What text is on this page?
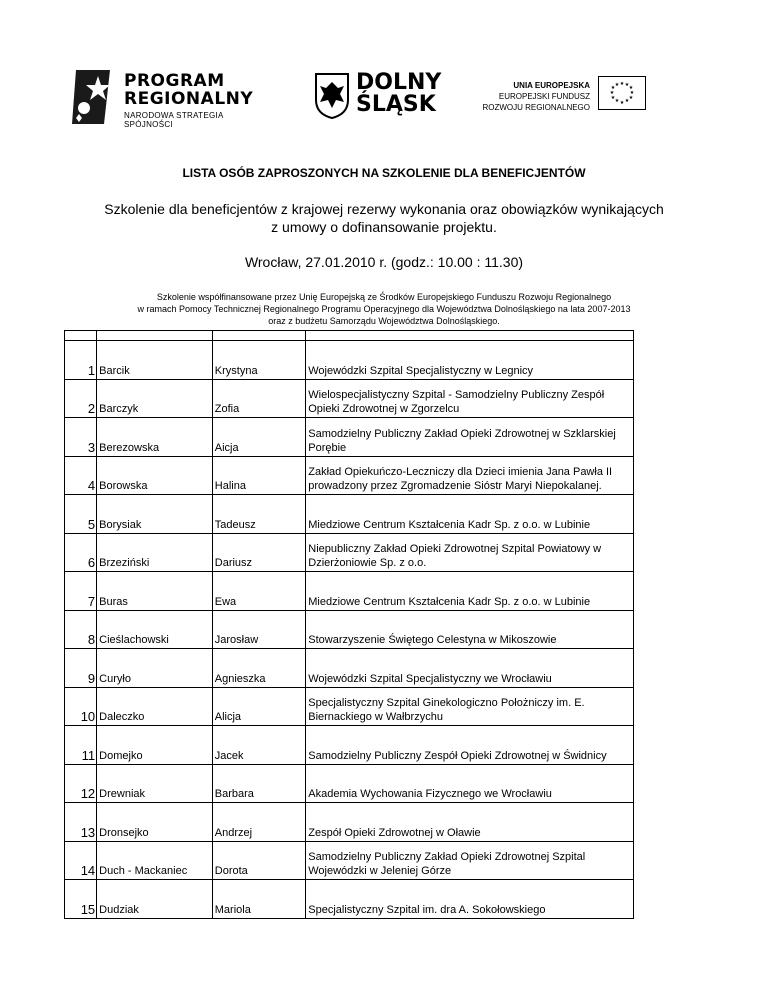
PROGRAM
REGIONALNY
NARODOWA STRATEGIA SPÓJNOŚCI
DOLNY
ŚLĄSK
UNIA EUROPEJSKA
EUROPEJSKI FUNDUSZ
ROZWOJU REGIONALNEGO
★ ★ ★
★
★
★
★
★
★
★
★ ★
LISTA OSÓB ZAPROSZONYCH NA SZKOLENIE DLA BENEFICJENTÓW
Szkolenie dla beneficjentów z krajowej rezerwy wykonania oraz obowiązków wynikających
z umowy o dofinansowanie projektu.
Wrocław, 27.01.2010 r. (godz.: 10.00 : 11.30)
Szkolenie współfinansowane przez Unię Europejską ze Środków Europejskiego Funduszu Rozwoju Regionalnego
w ramach Pomocy Technicznej Regionalnego Programu Operacyjnego dla Województwa Dolnośląskiego na lata 2007-2013
oraz z budżetu Samorządu Województwa Dolnośląskiego.

1	Barcik	Krystyna	Wojewódzki Szpital Specjalistyczny w Legnicy
2	Barczyk	Zofia	Wielospecjalistyczny Szpital - Samodzielny Publiczny Zespół Opieki Zdrowotnej w Zgorzelcu
3	Berezowska	Aicja	Samodzielny Publiczny Zakład Opieki Zdrowotnej w Szklarskiej Porębie
4	Borowska	Halina	Zakład Opiekuńczo-Leczniczy dla Dzieci imienia Jana Pawła II prowadzony przez Zgromadzenie Sióstr Maryi Niepokalanej.
5	Borysiak	Tadeusz	Miedziowe Centrum Kształcenia Kadr Sp. z o.o. w Lubinie
6	Brzeziński	Dariusz	Niepubliczny Zakład Opieki Zdrowotnej Szpital Powiatowy w Dzierżoniowie Sp. z o.o.
7	Buras	Ewa	Miedziowe Centrum Kształcenia Kadr Sp. z o.o. w Lubinie
8	Cieślachowski	Jarosław	Stowarzyszenie Świętego Celestyna w Mikoszowie
9	Curyło	Agnieszka	Wojewódzki Szpital Specjalistyczny we Wrocławiu
10	Daleczko	Alicja	Specjalistyczny Szpital Ginekologiczno Położniczy im. E. Biernackiego w Wałbrzychu
11	Domejko	Jacek	Samodzielny Publiczny Zespół Opieki Zdrowotnej w Świdnicy
12	Drewniak	Barbara	Akademia Wychowania Fizycznego we Wrocławiu
13	Dronsejko	Andrzej	Zespół Opieki Zdrowotnej w Oławie
14	Duch - Mackaniec	Dorota	Samodzielny Publiczny Zakład Opieki Zdrowotnej Szpital Wojewódzki w Jeleniej Górze
15	Dudziak	Mariola	Specjalistyczny Szpital im. dra A. Sokołowskiego
